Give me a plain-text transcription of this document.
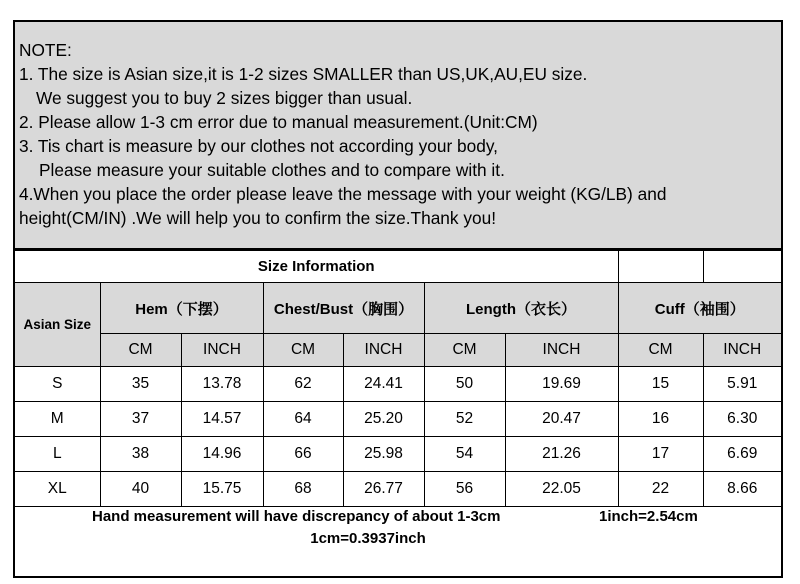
NOTE:
1. The size is Asian size,it is 1-2 sizes SMALLER than US,UK,AU,EU size.
We suggest you to buy 2 sizes bigger than usual.
2. Please allow 1-3 cm error due to manual measurement.(Unit:CM)
3. Tis chart is measure by our clothes not according your body,
Please measure your suitable clothes and to compare with it.
4.When you place the order please leave the message with your weight (KG/LB) and
height(CM/IN) .We will help you to confirm the size.Thank you!
Size Information								
Asian Size	Hem（下摆）		Chest/Bust（胸围）		Length（衣长）		Cuff（袖围）	
	CM	INCH	CM	INCH	CM	INCH	CM	INCH
S	35	13.78	62	24.41	50	19.69	15	5.91
M	37	14.57	64	25.20	52	20.47	16	6.30
L	38	14.96	66	25.98	54	21.26	17	6.69
XL	40	15.75	68	26.77	56	22.05	22	8.66
Hand measurement will have discrepancy of about 1-3cm	1inch=2.54cm
1cm=0.3937inch
